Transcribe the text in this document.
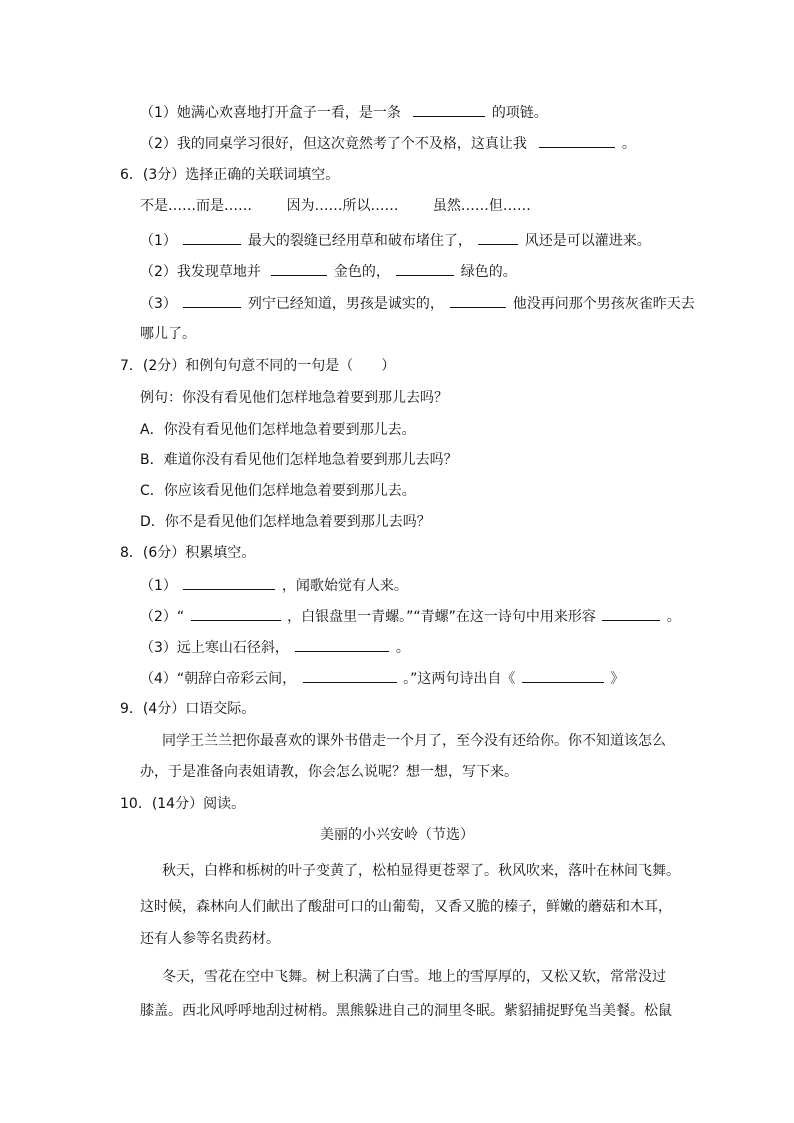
（1）她满心欢喜地打开盒子一看，是一条	的项链。
（2）我的同桌学习很好，但这次竟然考了个不及格，这真让我	。
6．(3分）选择正确的关联词填空。
不是……而是…… 因为……所以…… 虽然……但……
（1）	最大的裂缝已经用草和破布堵住了，	风还是可以灌进来。
（2）我发现草地并	金色的，	绿色的。
（3）	列宁已经知道，男孩是诚实的，	他没再问那个男孩灰雀昨天去
哪儿了。
7．(2分）和例句句意不同的一句是（　　）
例句：你没有看见他们怎样地急着要到那儿去吗？
A．你没有看见他们怎样地急着要到那儿去。
B．难道你没有看见他们怎样地急着要到那儿去吗？
C．你应该看见他们怎样地急着要到那儿去。
D．你不是看见他们怎样地急着要到那儿去吗？
8．(6分）积累填空。
（1）	，闻歌始觉有人来。
（2）“	，白银盘里一青螺。”“青螺”在这一诗句中用来形容	。
（3）远上寒山石径斜，	。
（4）“朝辞白帝彩云间，	。”这两句诗出自《	》
9．(4分）口语交际。
同学王兰兰把你最喜欢的课外书借走一个月了，至今没有还给你。你不知道该怎么
办，于是准备向表姐请教，你会怎么说呢？想一想，写下来。
10．(14分）阅读。
美丽的小兴安岭（节选）
秋天，白桦和栎树的叶子变黄了，松柏显得更苍翠了。秋风吹来，落叶在林间飞舞。
这时候，森林向人们献出了酸甜可口的山葡萄，又香又脆的榛子，鲜嫩的蘑菇和木耳，
还有人参等名贵药材。
冬天，雪花在空中飞舞。树上积满了白雪。地上的雪厚厚的，又松又软，常常没过
膝盖。西北风呼呼地刮过树梢。黑熊躲进自己的洞里冬眠。紫貂捕捉野兔当美餐。松鼠
